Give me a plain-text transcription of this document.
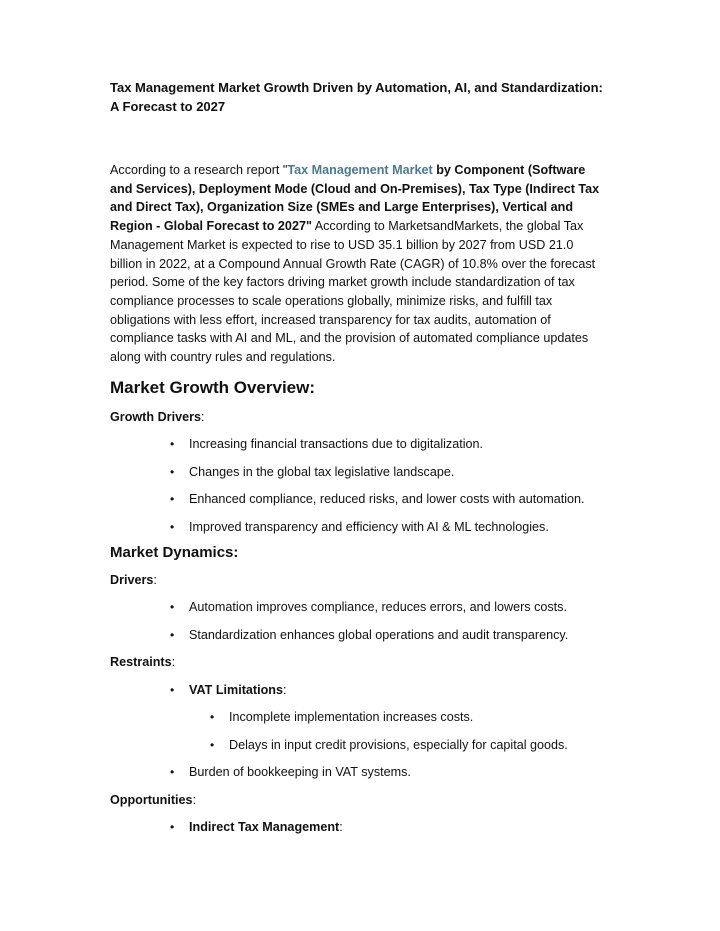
Tax Management Market Growth Driven by Automation, AI, and Standardization: A Forecast to 2027

According to a research report "Tax Management Market by Component (Software and Services), Deployment Mode (Cloud and On-Premises), Tax Type (Indirect Tax and Direct Tax), Organization Size (SMEs and Large Enterprises), Vertical and Region - Global Forecast to 2027" According to MarketsandMarkets, the global Tax Management Market is expected to rise to USD 35.1 billion by 2027 from USD 21.0 billion in 2022, at a Compound Annual Growth Rate (CAGR) of 10.8% over the forecast period. Some of the key factors driving market growth include standardization of tax compliance processes to scale operations globally, minimize risks, and fulfill tax obligations with less effort, increased transparency for tax audits, automation of compliance tasks with AI and ML, and the provision of automated compliance updates along with country rules and regulations.

Market Growth Overview:

Growth Drivers:

• Increasing financial transactions due to digitalization.
• Changes in the global tax legislative landscape.
• Enhanced compliance, reduced risks, and lower costs with automation.
• Improved transparency and efficiency with AI & ML technologies.
Market Dynamics:

Drivers:

• Automation improves compliance, reduces errors, and lowers costs.
• Standardization enhances global operations and audit transparency.

Restraints:

• VAT Limitations:
• Incomplete implementation increases costs.
• Delays in input credit provisions, especially for capital goods.
• Burden of bookkeeping in VAT systems.

Opportunities:

• Indirect Tax Management:
